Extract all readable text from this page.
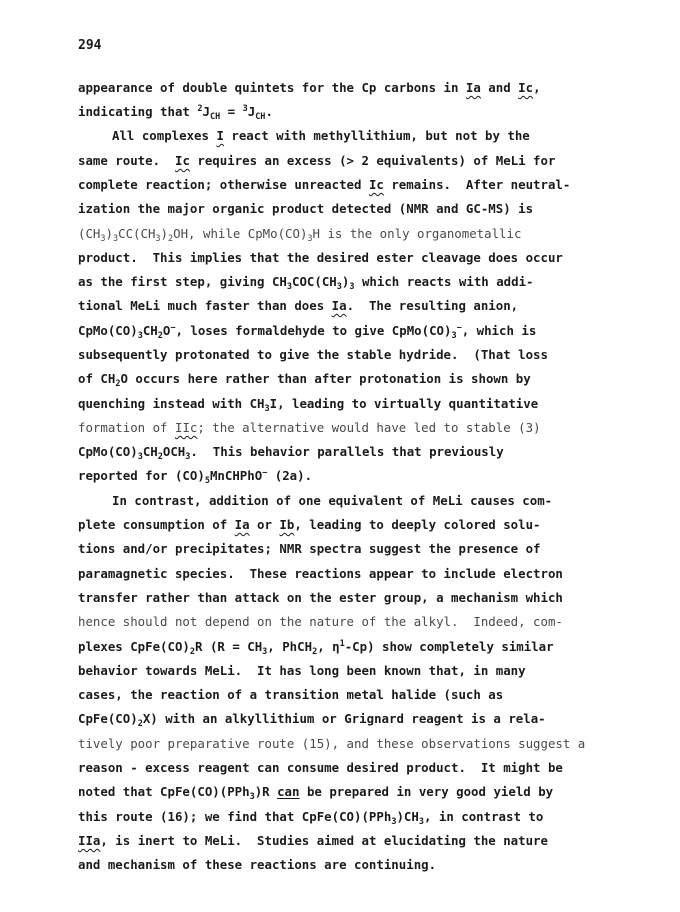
294
appearance of double quintets for the Cp carbons in Ia and Ic,
indicating that $^2J_{CH} = ^3J_{CH}$.
All complexes I react with methyllithium, but not by the
same route.  Ic requires an excess (> 2 equivalents) of MeLi for
complete reaction; otherwise unreacted Ic remains.  After neutral-
ization the major organic product detected (NMR and GC-MS) is
$(CH_3)_3CC(CH_3)_2OH$, while $CpMo(CO)_3H$ is the only organometallic
product.  This implies that the desired ester cleavage does occur
as the first step, giving $CH_3COC(CH_3)_3$ which reacts with addi-
tional MeLi much faster than does Ia.  The resulting anion,
$CpMo(CO)_3CH_2O^-$, loses formaldehyde to give $CpMo(CO)_3^-$, which is
subsequently protonated to give the stable hydride.  (That loss
of $CH_2O$ occurs here rather than after protonation is shown by
quenching instead with $CH_3I$, leading to virtually quantitative
formation of IIc; the alternative would have led to stable (3)
$CpMo(CO)_3CH_2OCH_3$.  This behavior parallels that previously
reported for $(CO)_5MnCHPhO^-$ (2a).
In contrast, addition of one equivalent of MeLi causes com-
plete consumption of Ia or Ib, leading to deeply colored solu-
tions and/or precipitates; NMR spectra suggest the presence of
paramagnetic species.  These reactions appear to include electron
transfer rather than attack on the ester group, a mechanism which
hence should not depend on the nature of the alkyl.  Indeed, com-
plexes $CpFe(CO)_2R$ ($R = CH_3$, PhCH$_2$, $\eta^1-Cp$) show completely similar
behavior towards MeLi.  It has long been known that, in many
cases, the reaction of a transition metal halide (such as
$CpFe(CO)_2X$) with an alkyllithium or Grignard reagent is a rela-
tively poor preparative route (15), and these observations suggest a
reason - excess reagent can consume desired product.  It might be
noted that CpFe(CO)(PPh$_3$)R can be prepared in very good yield by
this route (16); we find that $CpFe(CO)(PPh_3)CH_3$, in contrast to
IIa, is inert to MeLi.  Studies aimed at elucidating the nature
and mechanism of these reactions are continuing.
